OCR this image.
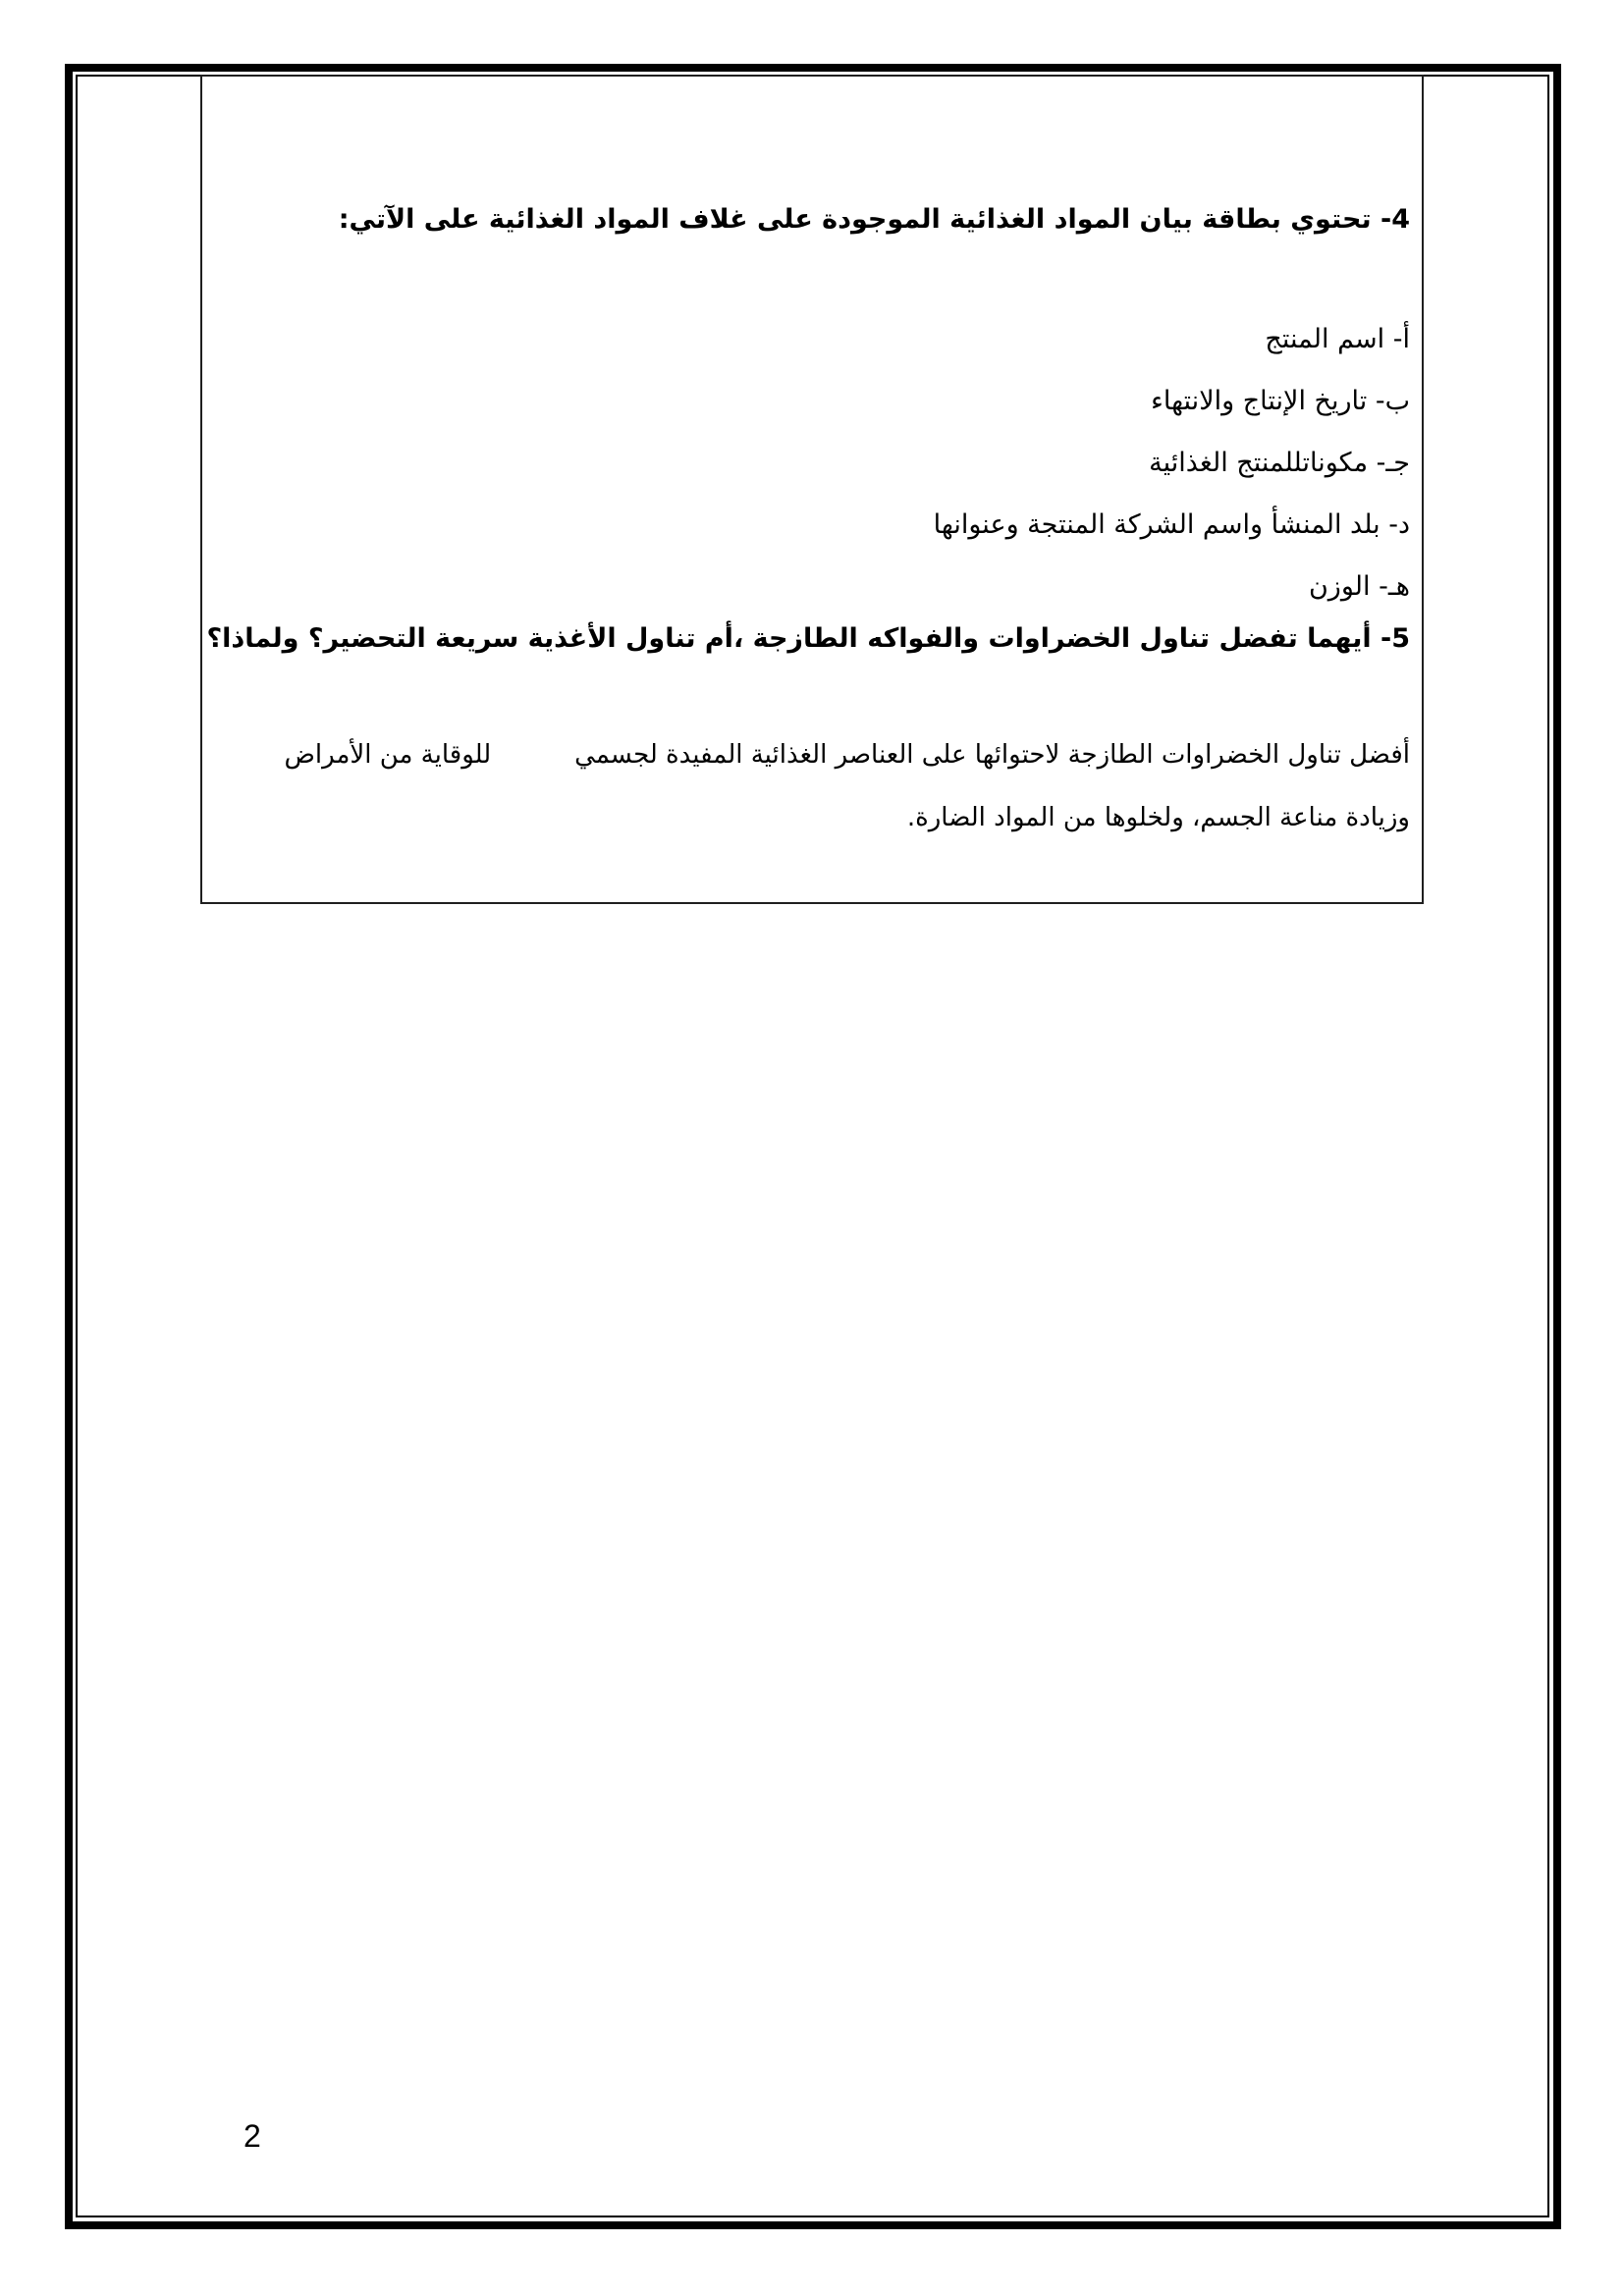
4- تحتوي بطاقة بيان المواد الغذائية الموجودة على غلاف المواد الغذائية على الآتي:

أ- اسم المنتج

ب- تاريخ الإنتاج والانتهاء

جـ- مكوناتللمنتج الغذائية

د- بلد المنشأ واسم الشركة المنتجة وعنوانها

هـ- الوزن

5- أيهما تفضل تناول الخضراوات والفواكه الطازجة ،أم تناول الأغذية سريعة التحضير؟ ولماذا؟

أفضل تناول الخضراوات الطازجة لاحتوائها على العناصر الغذائية المفيدة لجسميللوقاية من الأمراض

وزيادة مناعة الجسم، ولخلوها من المواد الضارة.

2
